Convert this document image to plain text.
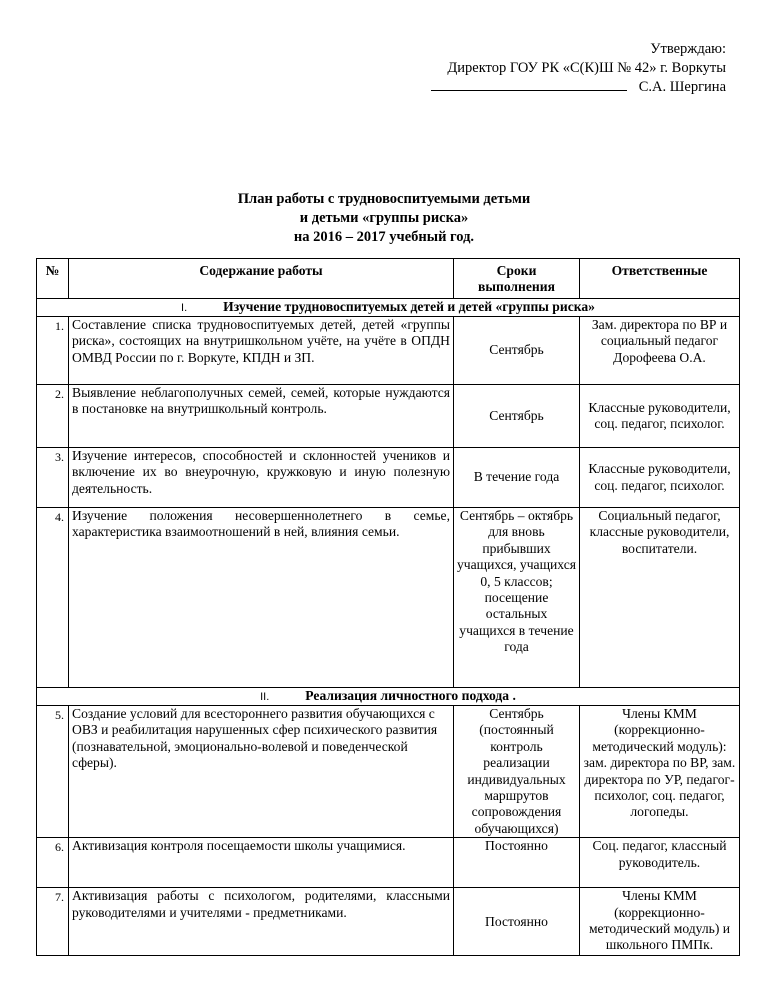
Утверждаю:
Директор ГОУ РК «С(К)Ш № 42» г. Воркуты
С.А. Шергина
План работы с трудновоспитуемыми детьми
и детьми «группы риска»
на 2016 – 2017 учебный год.
№	Содержание работы	Сроки выполнения	Ответственные
I. Изучение трудновоспитуемых детей и детей «группы риска»			
1.	Составление списка трудновоспитуемых детей, детей «группы риска», состоящих на внутришкольном учёте, на учёте в ОПДН ОМВД России по г. Воркуте, КПДН и ЗП.	Сентябрь	Зам. директора по ВР и социальный педагог Дорофеева О.А.
2.	Выявление неблагополучных семей, семей, которые нуждаются в постановке на внутришкольный контроль.	Сентябрь	Классные руководители, соц. педагог, психолог.
3.	Изучение интересов, способностей и склонностей учеников и включение их во внеурочную, кружковую и иную полезную деятельность.	В течение года	Классные руководители, соц. педагог, психолог.
4.	Изучение положения несовершеннолетнего в семье, характеристика взаимоотношений в ней, влияния семьи.	Сентябрь – октябрь для вновь прибывших учащихся, учащихся 0, 5 классов; посещение остальных учащихся в течение года	Социальный педагог, классные руководители, воспитатели.
II. Реализация личностного подхода .			
5.	Создание условий для всестороннего развития обучающихся с ОВЗ и реабилитация нарушенных сфер психического развития (познавательной, эмоционально-волевой и поведенческой сферы).	Сентябрь (постоянный контроль реализации индивидуальных маршрутов сопровождения обучающихся)	Члены КММ (коррекционно-методический модуль): зам. директора по ВР, зам. директора по УР, педагог- психолог, соц. педагог, логопеды.
6.	Активизация контроля посещаемости школы учащимися.	Постоянно	Соц. педагог, классный руководитель.
7.	Активизация работы с психологом, родителями, классными руководителями и учителями - предметниками.	Постоянно	Члены КММ (коррекционно-методический модуль) и школьного ПМПк.
